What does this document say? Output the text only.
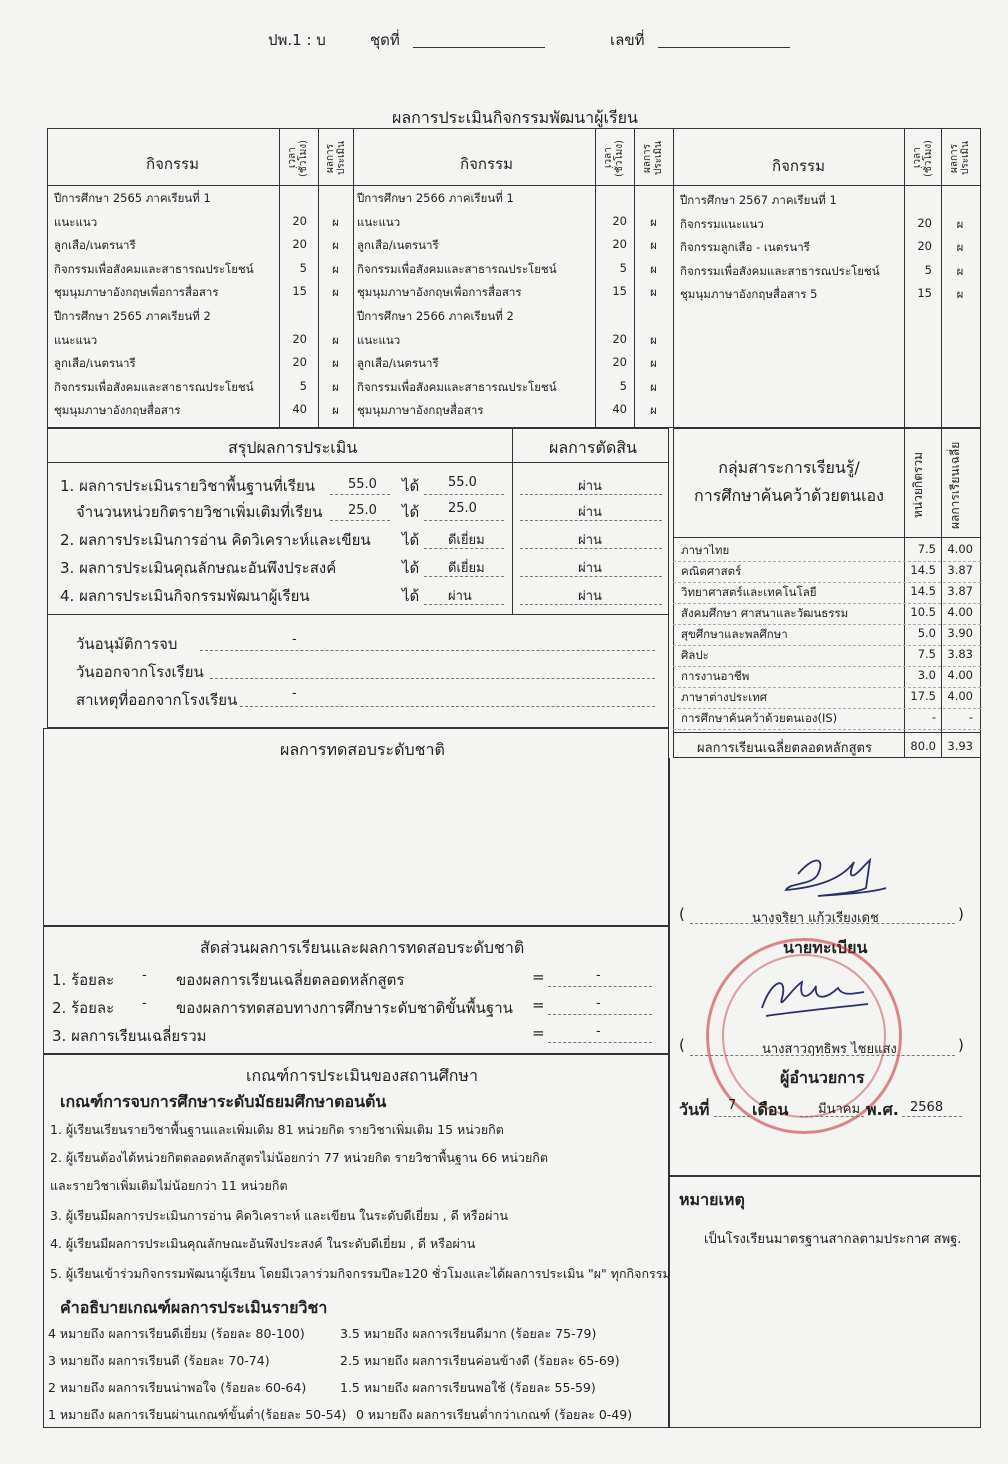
ปพ.1 : บ	ชุดที่	เลขที่
ผลการประเมินกิจกรรมพัฒนาผู้เรียน
กิจกรรม	เวลา (ชั่วโมง) ผลการประเมิน	กิจกรรม	เวลา (ชั่วโมง) ผลการประเมิน	กิจกรรม	เวลา (ชั่วโมง) ผลการประเมิน
ปีการศึกษา 2565 ภาคเรียนที่ 1
แนะแนว	20	ผ
ลูกเสือ/เนตรนารี	20	ผ
กิจกรรมเพื่อสังคมและสาธารณประโยชน์	5	ผ
ชุมนุมภาษาอังกฤษเพื่อการสื่อสาร	15	ผ
ปีการศึกษา 2565 ภาคเรียนที่ 2
แนะแนว	20	ผ
ลูกเสือ/เนตรนารี	20	ผ
กิจกรรมเพื่อสังคมและสาธารณประโยชน์	5	ผ
ชุมนุมภาษาอังกฤษสื่อสาร	40	ผ
ปีการศึกษา 2566 ภาคเรียนที่ 1
แนะแนว	20	ผ
ลูกเสือ/เนตรนารี	20	ผ
กิจกรรมเพื่อสังคมและสาธารณประโยชน์	5	ผ
ชุมนุมภาษาอังกฤษเพื่อการสื่อสาร	15	ผ
ปีการศึกษา 2566 ภาคเรียนที่ 2
แนะแนว	20	ผ
ลูกเสือ/เนตรนารี	20	ผ
กิจกรรมเพื่อสังคมและสาธารณประโยชน์	5	ผ
ชุมนุมภาษาอังกฤษสื่อสาร	40	ผ
ปีการศึกษา 2567 ภาคเรียนที่ 1
กิจกรรมแนะแนว	20	ผ
กิจกรรมลูกเสือ - เนตรนารี	20	ผ
กิจกรรมเพื่อสังคมและสาธารณประโยชน์	5	ผ
ชุมนุมภาษาอังกฤษสื่อสาร 5	15	ผ
สรุปผลการประเมิน	ผลการตัดสิน
1. ผลการประเมินรายวิชาพื้นฐานที่เรียน	55.0 ได้ 55.0	ผ่าน
จำนวนหน่วยกิตรายวิชาเพิ่มเติมที่เรียน 25.0 ได้ 25.0	ผ่าน
2. ผลการประเมินการอ่าน คิดวิเคราะห์และเขียน ได้ ดีเยี่ยม	ผ่าน
3. ผลการประเมินคุณลักษณะอันพึงประสงค์	ได้ ดีเยี่ยม	ผ่าน
4. ผลการประเมินกิจกรรมพัฒนาผู้เรียน	ได้ ผ่าน	ผ่าน
วันอนุมัติการจบ	-
วันออกจากโรงเรียน
สาเหตุที่ออกจากโรงเรียน	-
กลุ่มสาระการเรียนรู้/
การศึกษาค้นคว้าด้วยตนเอง	หน่วยกิตรวม ผลการเรียนเฉลี่ย
ภาษาไทย	7.5 4.00
คณิตศาสตร์	14.5 3.87
วิทยาศาสตร์และเทคโนโลยี	14.5 3.87
สังคมศึกษา ศาสนาและวัฒนธรรม	10.5 4.00
สุขศึกษาและพลศึกษา	5.0 3.90
ศิลปะ	7.5 3.83
การงานอาชีพ	3.0 4.00
ภาษาต่างประเทศ	17.5 4.00
การศึกษาค้นคว้าด้วยตนเอง(IS)	-	-
ผลการเรียนเฉลี่ยตลอดหลักสูตร	80.0 3.93
ผลการทดสอบระดับชาติ
สัดส่วนผลการเรียนและผลการทดสอบระดับชาติ
1. ร้อยละ - ของผลการเรียนเฉลี่ยตลอดหลักสูตร	=	-
2. ร้อยละ - ของผลการทดสอบทางการศึกษาระดับชาติขั้นพื้นฐาน =	-
3. ผลการเรียนเฉลี่ยรวม	=	-
เกณฑ์การประเมินของสถานศึกษา
เกณฑ์การจบการศึกษาระดับมัธยมศึกษาตอนต้น
1. ผู้เรียนเรียนรายวิชาพื้นฐานและเพิ่มเติม 81 หน่วยกิต รายวิชาเพิ่มเติม 15 หน่วยกิต
2. ผู้เรียนต้องได้หน่วยกิตตลอดหลักสูตรไม่น้อยกว่า 77 หน่วยกิต รายวิชาพื้นฐาน 66 หน่วยกิต
และรายวิชาเพิ่มเติมไม่น้อยกว่า 11 หน่วยกิต
3. ผู้เรียนมีผลการประเมินการอ่าน คิดวิเคราะห์ และเขียน ในระดับดีเยี่ยม , ดี หรือผ่าน
4. ผู้เรียนมีผลการประเมินคุณลักษณะอันพึงประสงค์ ในระดับดีเยี่ยม , ดี หรือผ่าน
5. ผู้เรียนเข้าร่วมกิจกรรมพัฒนาผู้เรียน โดยมีเวลาร่วมกิจกรรมปีละ120 ชั่วโมงและได้ผลการประเมิน "ผ" ทุกกิจกรรม
คำอธิบายเกณฑ์ผลการประเมินรายวิชา
4 หมายถึง ผลการเรียนดีเยี่ยม (ร้อยละ 80-100)
3 หมายถึง ผลการเรียนดี (ร้อยละ 70-74)
2 หมายถึง ผลการเรียนน่าพอใจ (ร้อยละ 60-64)
1 หมายถึง ผลการเรียนผ่านเกณฑ์ขั้นต่ำ(ร้อยละ 50-54)
3.5 หมายถึง ผลการเรียนดีมาก (ร้อยละ 75-79)
2.5 หมายถึง ผลการเรียนค่อนข้างดี (ร้อยละ 65-69)
1.5 หมายถึง ผลการเรียนพอใช้ (ร้อยละ 55-59)
0 หมายถึง ผลการเรียนต่ำกว่าเกณฑ์ (ร้อยละ 0-49)
(	นางจริยา แก้วเรียงเดช	)
นายทะเบียน
(	นางสาวฤทธิพร ไชยแสง	)
ผู้อำนวยการ
วันที่ 7 เดือน มีนาคม พ.ศ. 2568
หมายเหตุ
เป็นโรงเรียนมาตรฐานสากลตามประกาศ สพฐ.
